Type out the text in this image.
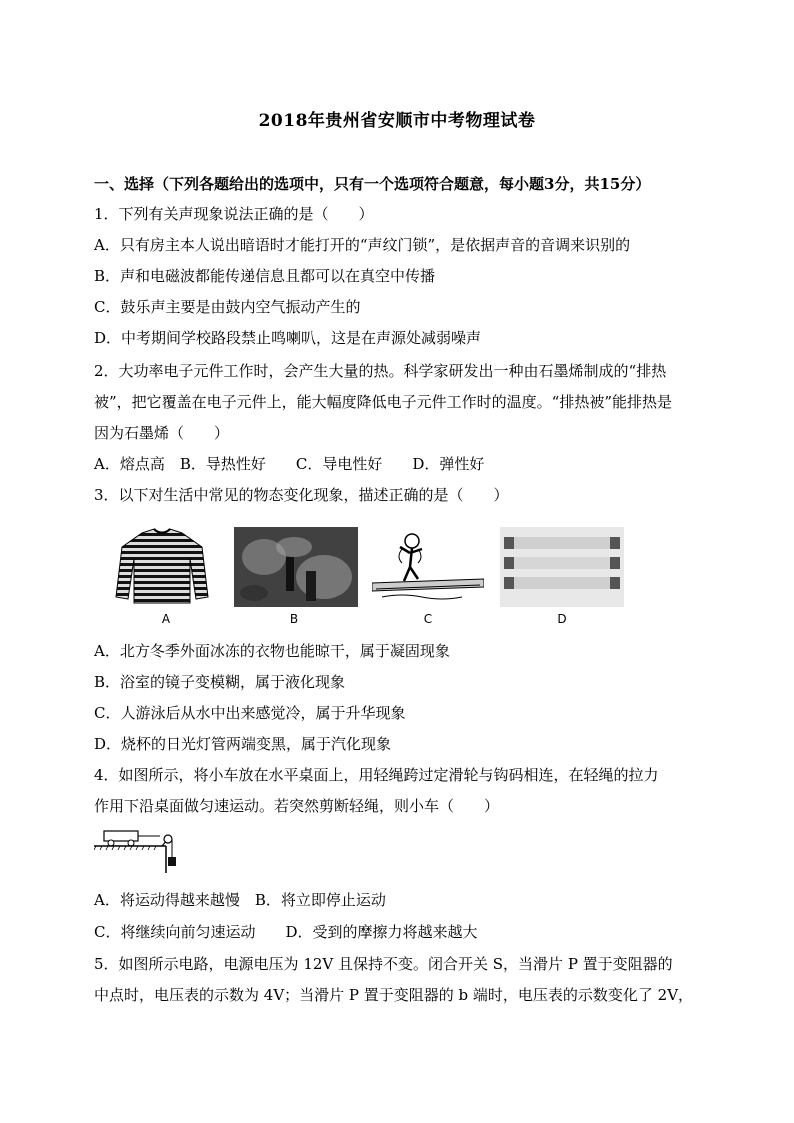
2018年贵州省安顺市中考物理试卷
一、选择（下列各题给出的选项中，只有一个选项符合题意，每小题3分，共15分）
1．下列有关声现象说法正确的是（　　）
A．只有房主本人说出暗语时才能打开的“声纹门锁”，是依据声音的音调来识别的
B．声和电磁波都能传递信息且都可以在真空中传播
C．鼓乐声主要是由鼓内空气振动产生的
D．中考期间学校路段禁止鸣喇叭，这是在声源处减弱噪声
2．大功率电子元件工作时，会产生大量的热。科学家研发出一种由石墨烯制成的“排热
被”，把它覆盖在电子元件上，能大幅度降低电子元件工作时的温度。“排热被”能排热是
因为石墨烯（　　）
A．熔点高　B．导热性好　　C．导电性好　　D．弹性好
3．以下对生活中常见的物态变化现象，描述正确的是（　　）
A	B	C	D
A．北方冬季外面冰冻的衣物也能晾干，属于凝固现象
B．浴室的镜子变模糊，属于液化现象
C．人游泳后从水中出来感觉冷，属于升华现象
D．烧杯的日光灯管两端变黑，属于汽化现象
4．如图所示，将小车放在水平桌面上，用轻绳跨过定滑轮与钩码相连，在轻绳的拉力
作用下沿桌面做匀速运动。若突然剪断轻绳，则小车（　　）
A．将运动得越来越慢　B．将立即停止运动
C．将继续向前匀速运动　　D．受到的摩擦力将越来越大
5．如图所示电路，电源电压为 12V 且保持不变。闭合开关 S，当滑片 P 置于变阻器的
中点时，电压表的示数为 4V；当滑片 P 置于变阻器的 b 端时，电压表的示数变化了 2V，
